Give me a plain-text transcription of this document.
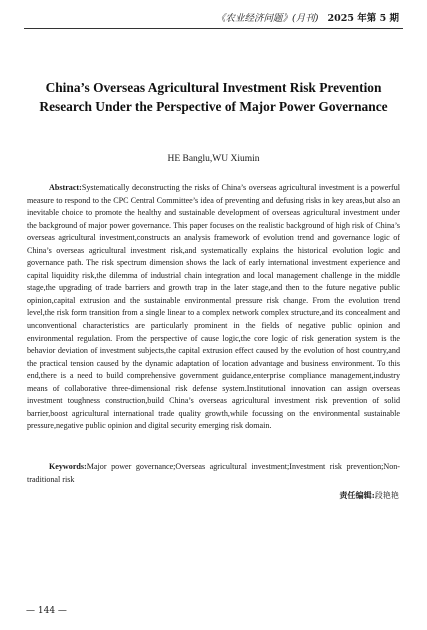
《农业经济问题》(月刊) 2025 年第 5 期
China’s Overseas Agricultural Investment Risk Prevention
Research Under the Perspective of Major Power Governance
HE Banglu,WU Xiumin
Abstract:Systematically deconstructing the risks of China’s overseas agricultural investment is a powerful measure to respond to the CPC Central Committee’s idea of preventing and defusing risks in key areas,but also an inevitable choice to promote the healthy and sustainable development of overseas agricultural investment under the background of major power governance. This paper focuses on the realistic background of high risk of China’s overseas agricultural investment,constructs an analysis framework of evolution trend and governance logic of China’s overseas agricultural investment risk,and systematically explains the historical evolution logic and governance path. The risk spectrum dimension shows the lack of early international investment experience and capital liquidity risk,the dilemma of industrial chain integration and local management challenge in the middle stage,the upgrading of trade barriers and growth trap in the later stage,and then to the future negative public opinion,capital extrusion and the sustainable environmental pressure risk change. From the evolution trend level,the risk form transition from a single linear to a complex network complex structure,and its concealment and unconventional characteristics are particularly prominent in the fields of negative public opinion and environmental regulation. From the perspective of cause logic,the core logic of risk generation system is the behavior deviation of investment subjects,the capital extrusion effect caused by the evolution of host country,and the practical tension caused by the dynamic adaptation of location advantage and business environment. To this end,there is a need to build comprehensive government guidance,enterprise compliance management,industry means of collaborative three-dimensional risk defense system.Institutional innovation can assign overseas investment toughness construction,build China’s overseas agricultural investment risk prevention of solid barrier,boost agricultural international trade quality growth,while focussing on the environmental sustainable pressure,negative public opinion and digital security emerging risk domain.
Keywords:Major power governance;Overseas agricultural investment;Investment risk prevention;Non-traditional risk
责任编辑:段艳艳
— 144 —
